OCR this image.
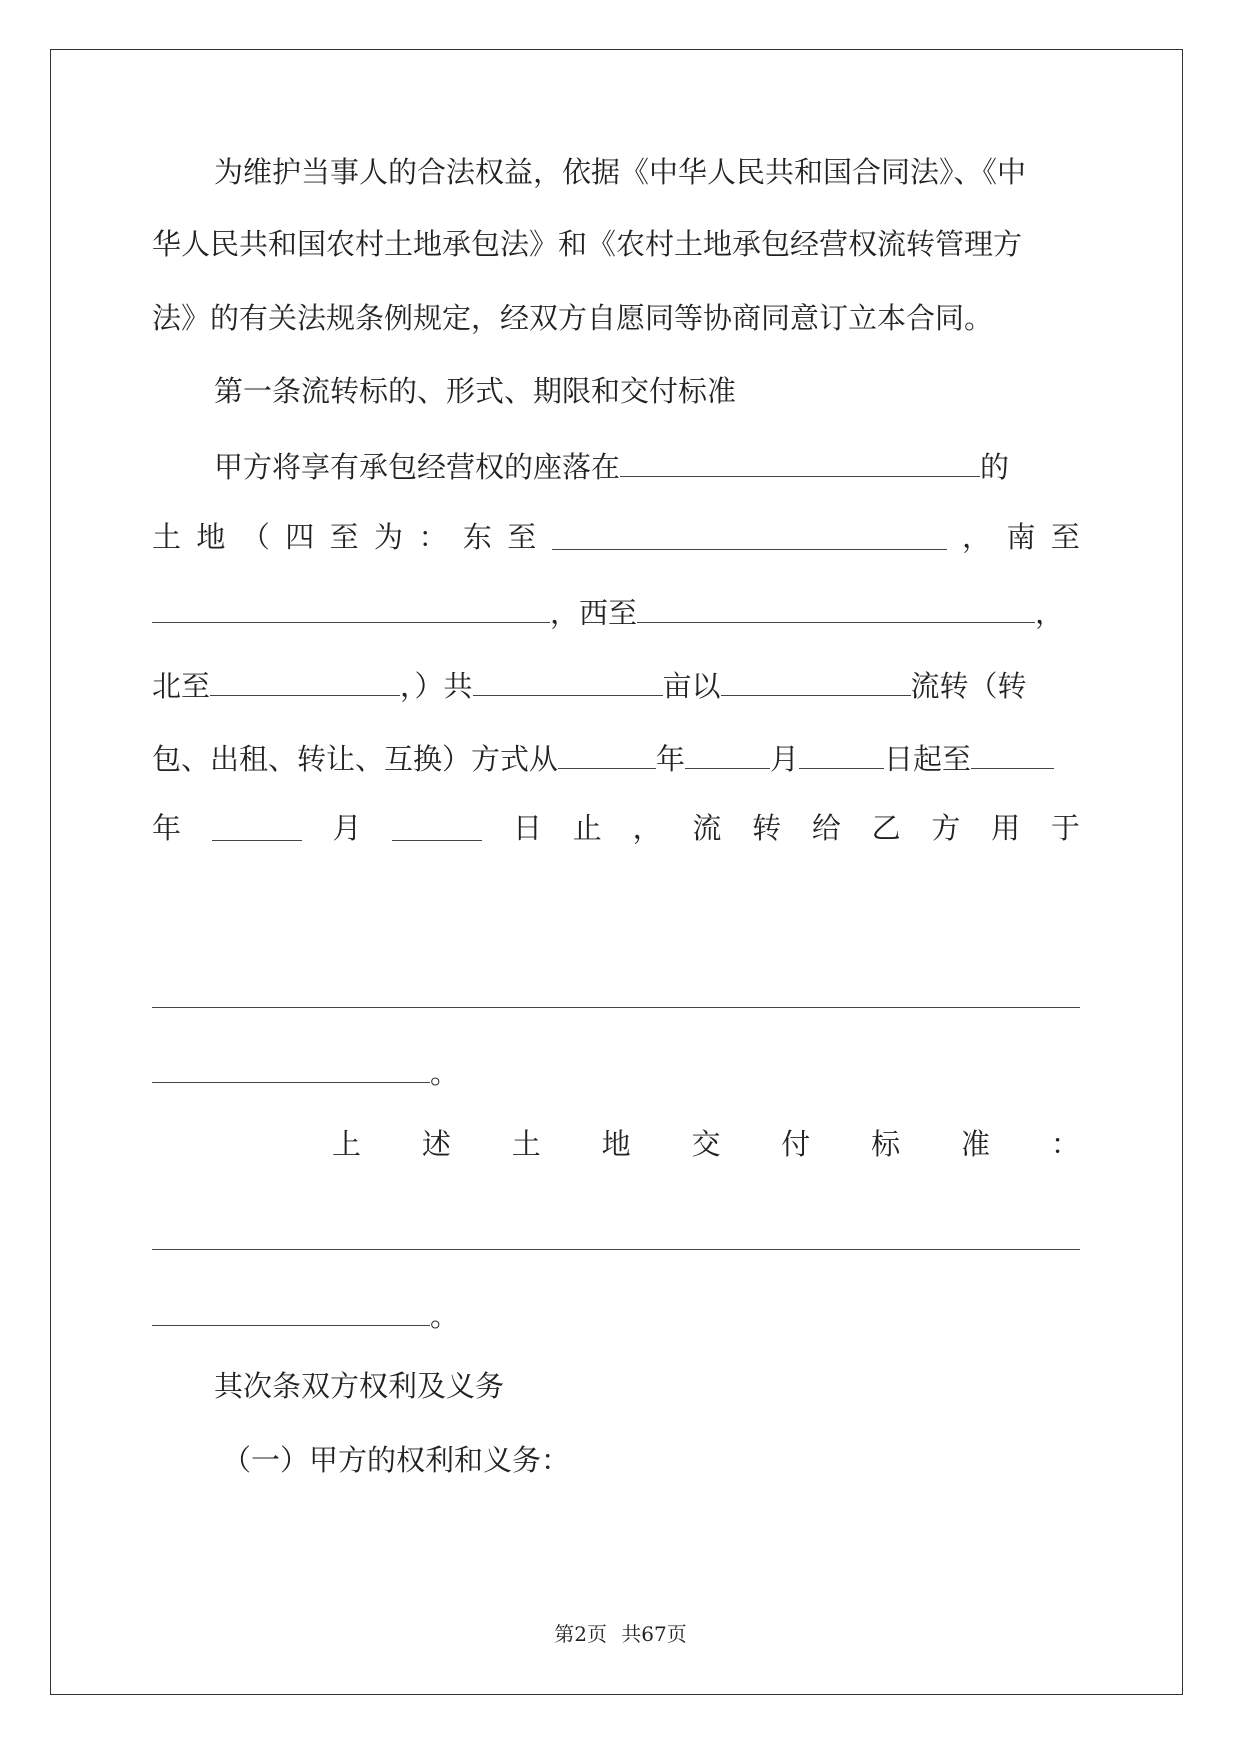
为维护当事人的合法权益，依据《中华人民共和国合同法》、《中
华人民共和国农村土地承包法》和《农村土地承包经营权流转管理方
法》的有关法规条例规定，经双方自愿同等协商同意订立本合同。
第一条流转标的、形式、期限和交付标准
甲方将享有承包经营权的座落在	的
土 地 （ 四 至 为 ： 东 至	， 南 至
，西至	，
北至	，）共	亩以	流转（转
包、出租、转让、互换）方式从	年	月	日起至
年	月	日 止 ， 流 转 给 乙 方 用 于
。
上 述 土 地 交 付 标 准 ：
。
其次条双方权利及义务
（一）甲方的权利和义务：
第2页 共67页
